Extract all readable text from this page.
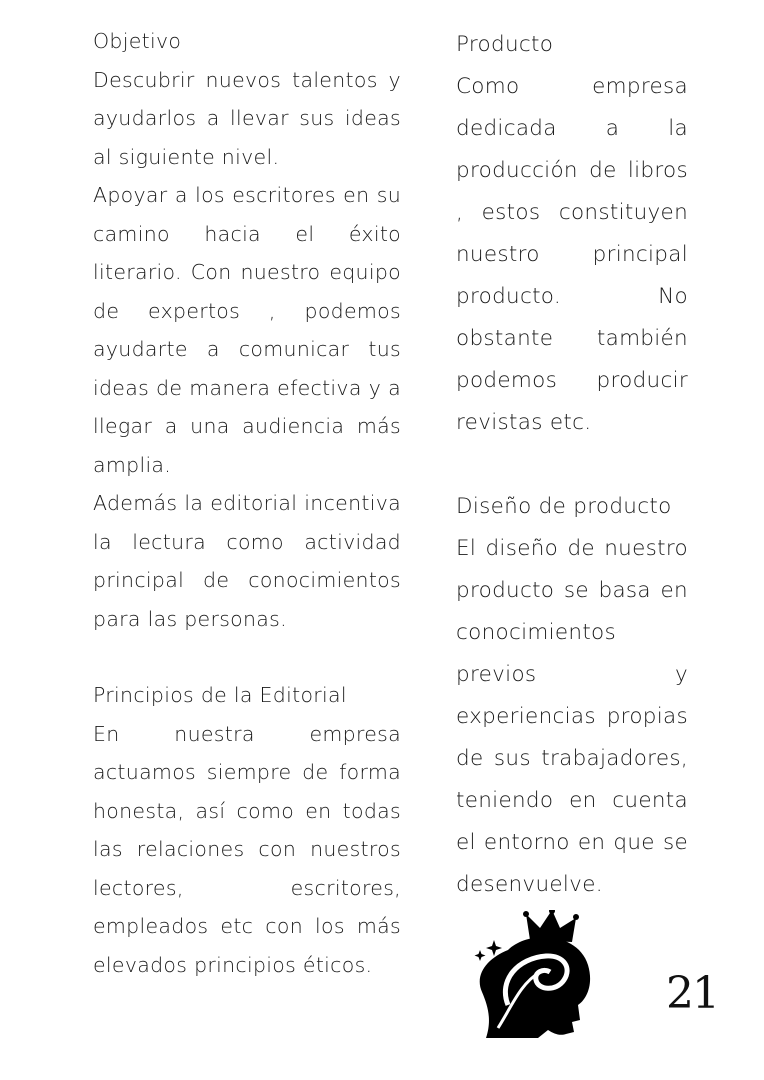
Objetivo

Descubrir nuevos talentos y ayudarlos a llevar sus ideas al siguiente nivel.

Apoyar a los escritores en su camino hacia el éxito literario. Con nuestro equipo de expertos , podemos ayudarte a comunicar tus ideas de manera efectiva y a llegar a una audiencia más amplia.

Además la editorial incentiva la lectura como actividad principal de conocimientos para las personas.

Principios de la Editorial

En nuestra empresa actuamos siempre de forma honesta, así como en todas las relaciones con nuestros lectores, escritores, empleados etc con los más elevados principios éticos.

Producto

Como empresa dedicada a la producción de libros , estos constituyen nuestro principal producto. No obstante también podemos producir revistas etc.

Diseño de producto

El diseño de nuestro producto se basa en conocimientos previos y experiencias propias de sus trabajadores, teniendo en cuenta el entorno en que se desenvuelve.

21
